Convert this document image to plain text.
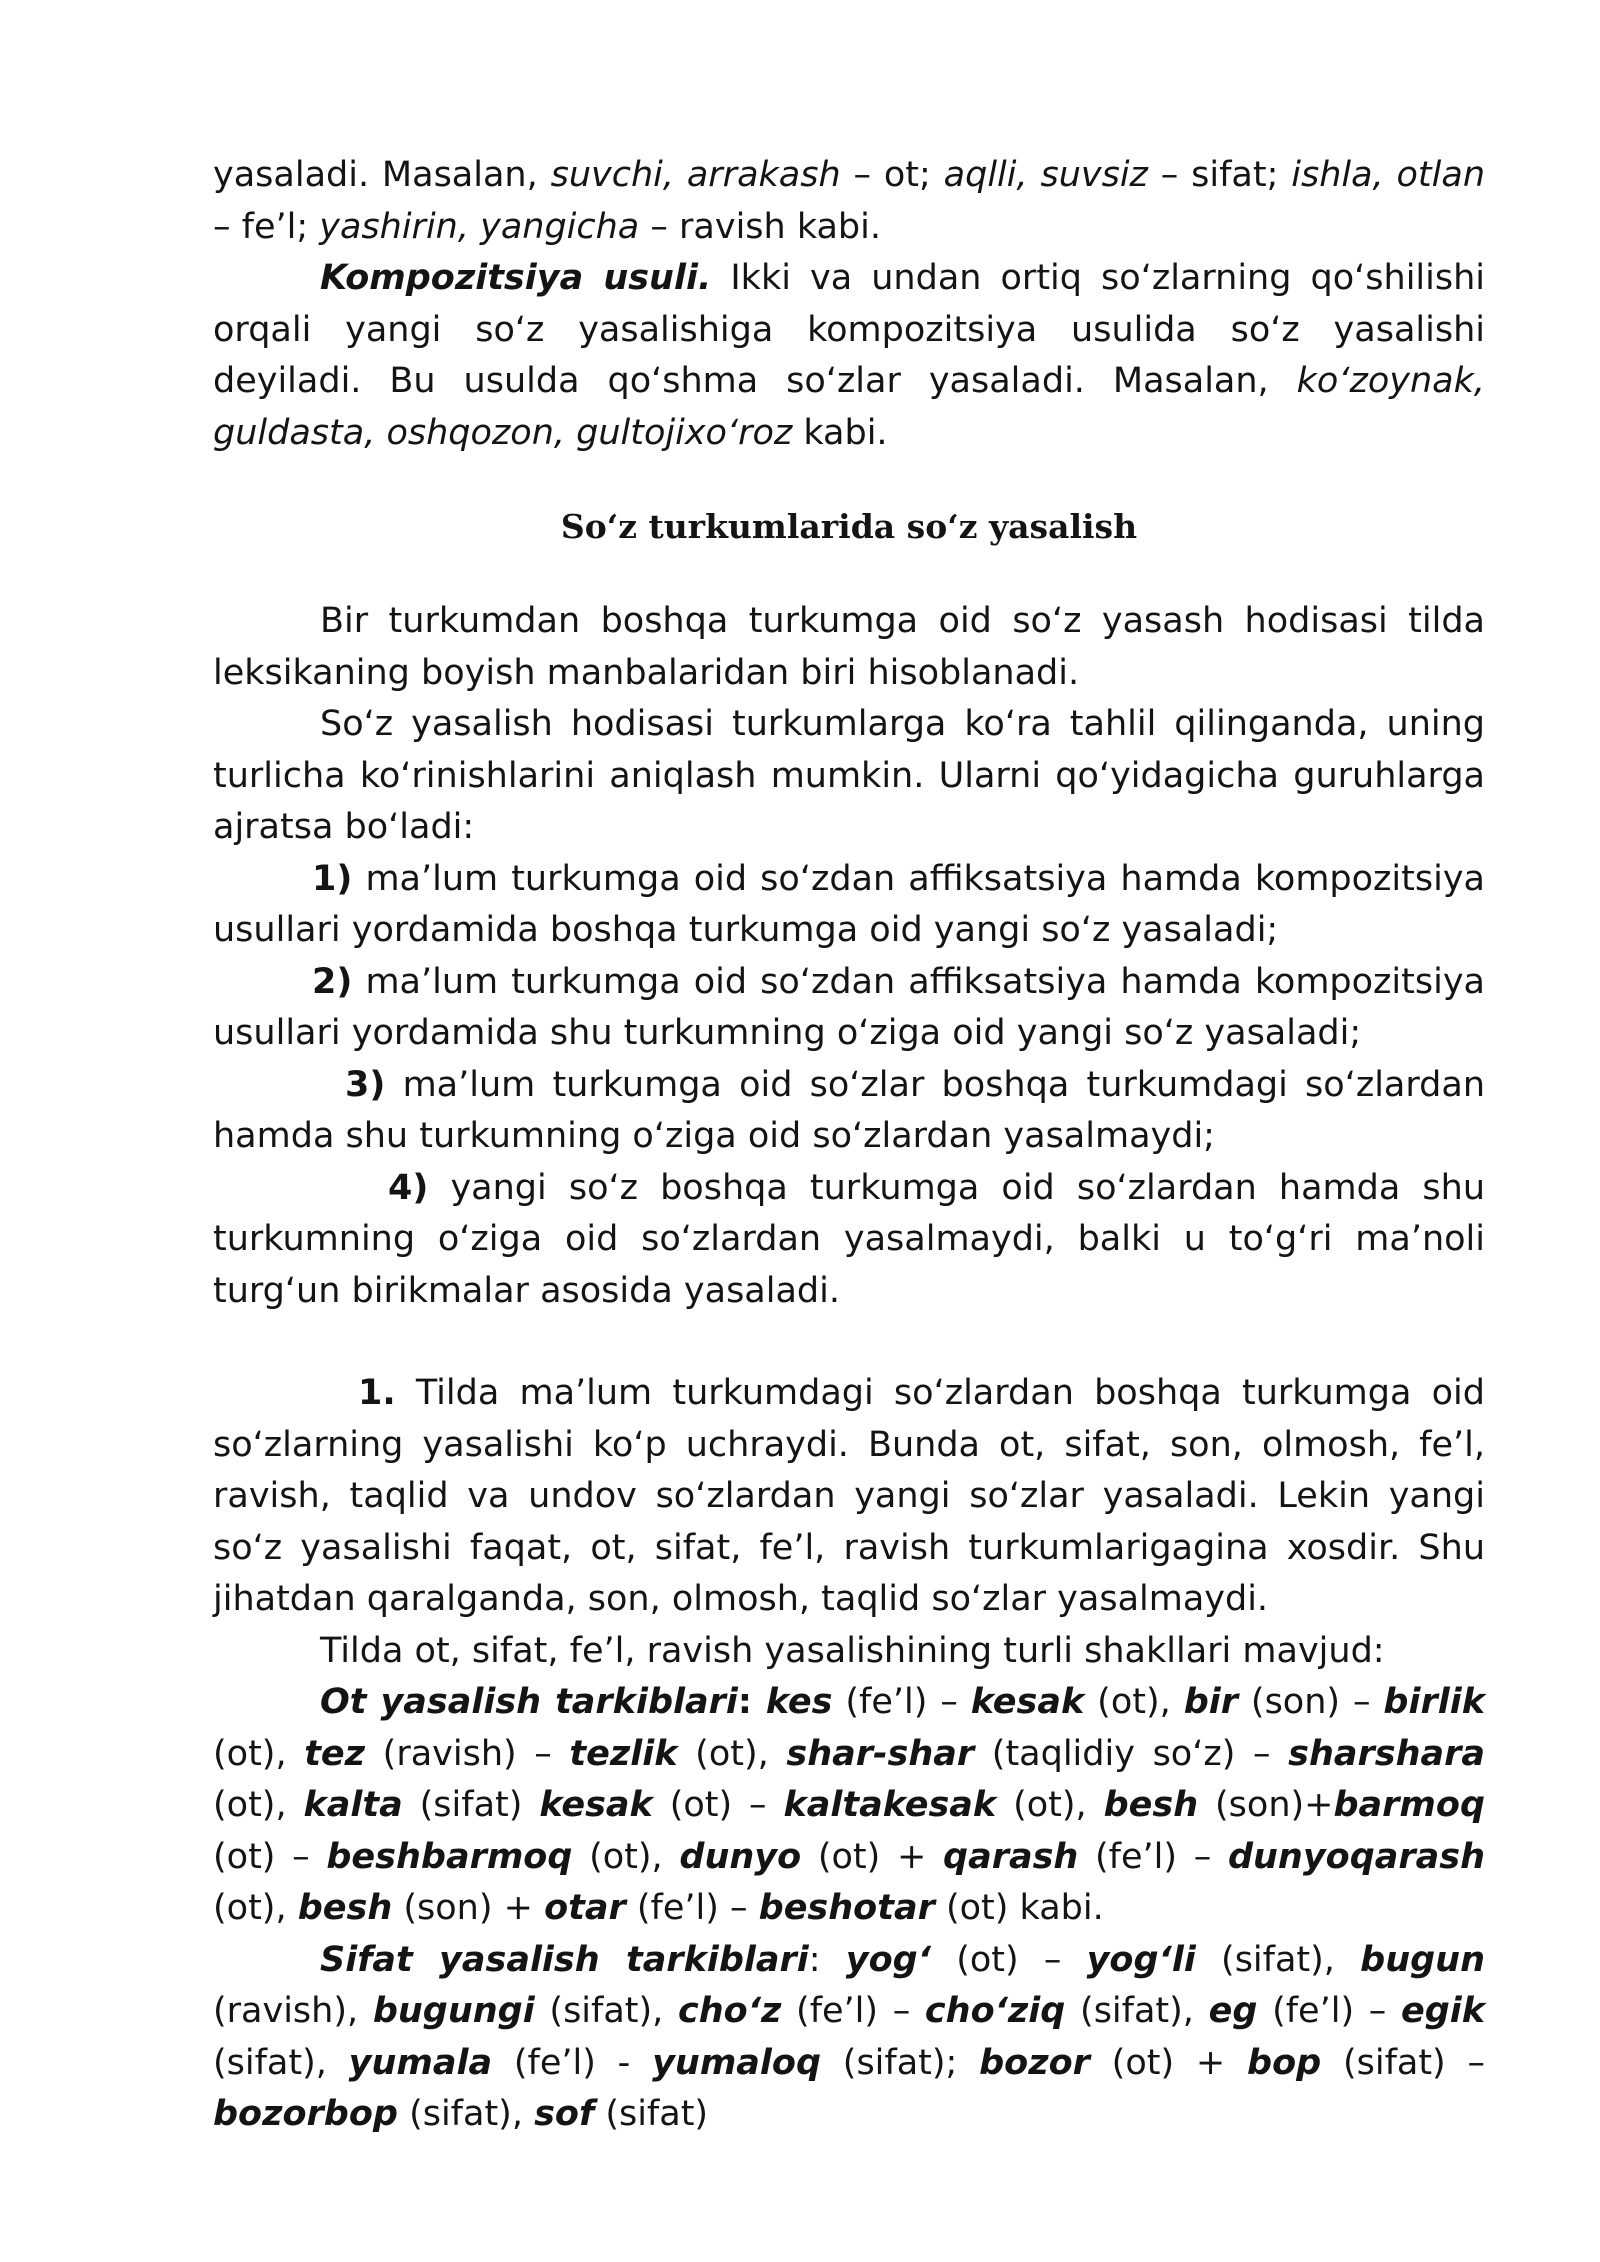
yasaladi. Masalan, suvchi, arrakash – ot; aqlli, suvsiz – sifat; ishla, otlan – fe’l; yashirin, yangicha – ravish kabi.

Kompozitsiya usuli. Ikki va undan ortiq so‘zlarning qo‘shilishi orqali yangi so‘z yasalishiga kompozitsiya usulida so‘z yasalishi deyiladi. Bu usulda qo‘shma so‘zlar yasaladi. Masalan, ko‘zoynak, guldasta, oshqozon, gultojixo‘roz kabi.

So‘z turkumlarida so‘z yasalish

Bir turkumdan boshqa turkumga oid so‘z yasash hodisasi tilda leksikaning boyish manbalaridan biri hisoblanadi.

So‘z yasalish hodisasi turkumlarga ko‘ra tahlil qilinganda, uning turlicha ko‘rinishlarini aniqlash mumkin. Ularni qo‘yidagicha guruhlarga ajratsa bo‘ladi:

1) ma’lum turkumga oid so‘zdan affiksatsiya hamda kompozitsiya usullari yordamida boshqa turkumga oid yangi so‘z yasaladi;

2) ma’lum turkumga oid so‘zdan affiksatsiya hamda kompozitsiya usullari yordamida shu turkumning o‘ziga oid yangi so‘z yasaladi;

3) ma’lum turkumga oid so‘zlar boshqa turkumdagi so‘zlardan hamda shu turkumning o‘ziga oid so‘zlardan yasalmaydi;

4) yangi so‘z boshqa turkumga oid so‘zlardan hamda shu turkumning o‘ziga oid so‘zlardan yasalmaydi, balki u to‘g‘ri ma’noli turg‘un birikmalar asosida yasaladi.

1. Tilda ma’lum turkumdagi so‘zlardan boshqa turkumga oid so‘zlarning yasalishi ko‘p uchraydi. Bunda ot, sifat, son, olmosh, fe’l, ravish, taqlid va undov so‘zlardan yangi so‘zlar yasaladi. Lekin yangi so‘z yasalishi faqat, ot, sifat, fe’l, ravish turkumlarigagina xosdir. Shu jihatdan qaralganda, son, olmosh, taqlid so‘zlar yasalmaydi.

Tilda ot, sifat, fe’l, ravish yasalishining turli shakllari mavjud:

Ot yasalish tarkiblari: kes (fe’l) – kesak (ot), bir (son) – birlik (ot), tez (ravish) – tezlik (ot), shar-shar (taqlidiy so‘z) – sharshara (ot), kalta (sifat) kesak (ot) – kaltakesak (ot), besh (son)+barmoq (ot) – beshbarmoq (ot), dunyo (ot) + qarash (fe’l) – dunyoqarash (ot), besh (son) + otar (fe’l) – beshotar (ot) kabi.

Sifat yasalish tarkiblari: yog‘ (ot) – yog‘li (sifat), bugun (ravish), bugungi (sifat), cho‘z (fe’l) – cho‘ziq (sifat), eg (fe’l) – egik (sifat), yumala (fe’l) - yumaloq (sifat); bozor (ot) + bop (sifat) – bozorbop (sifat), sof (sifat)
